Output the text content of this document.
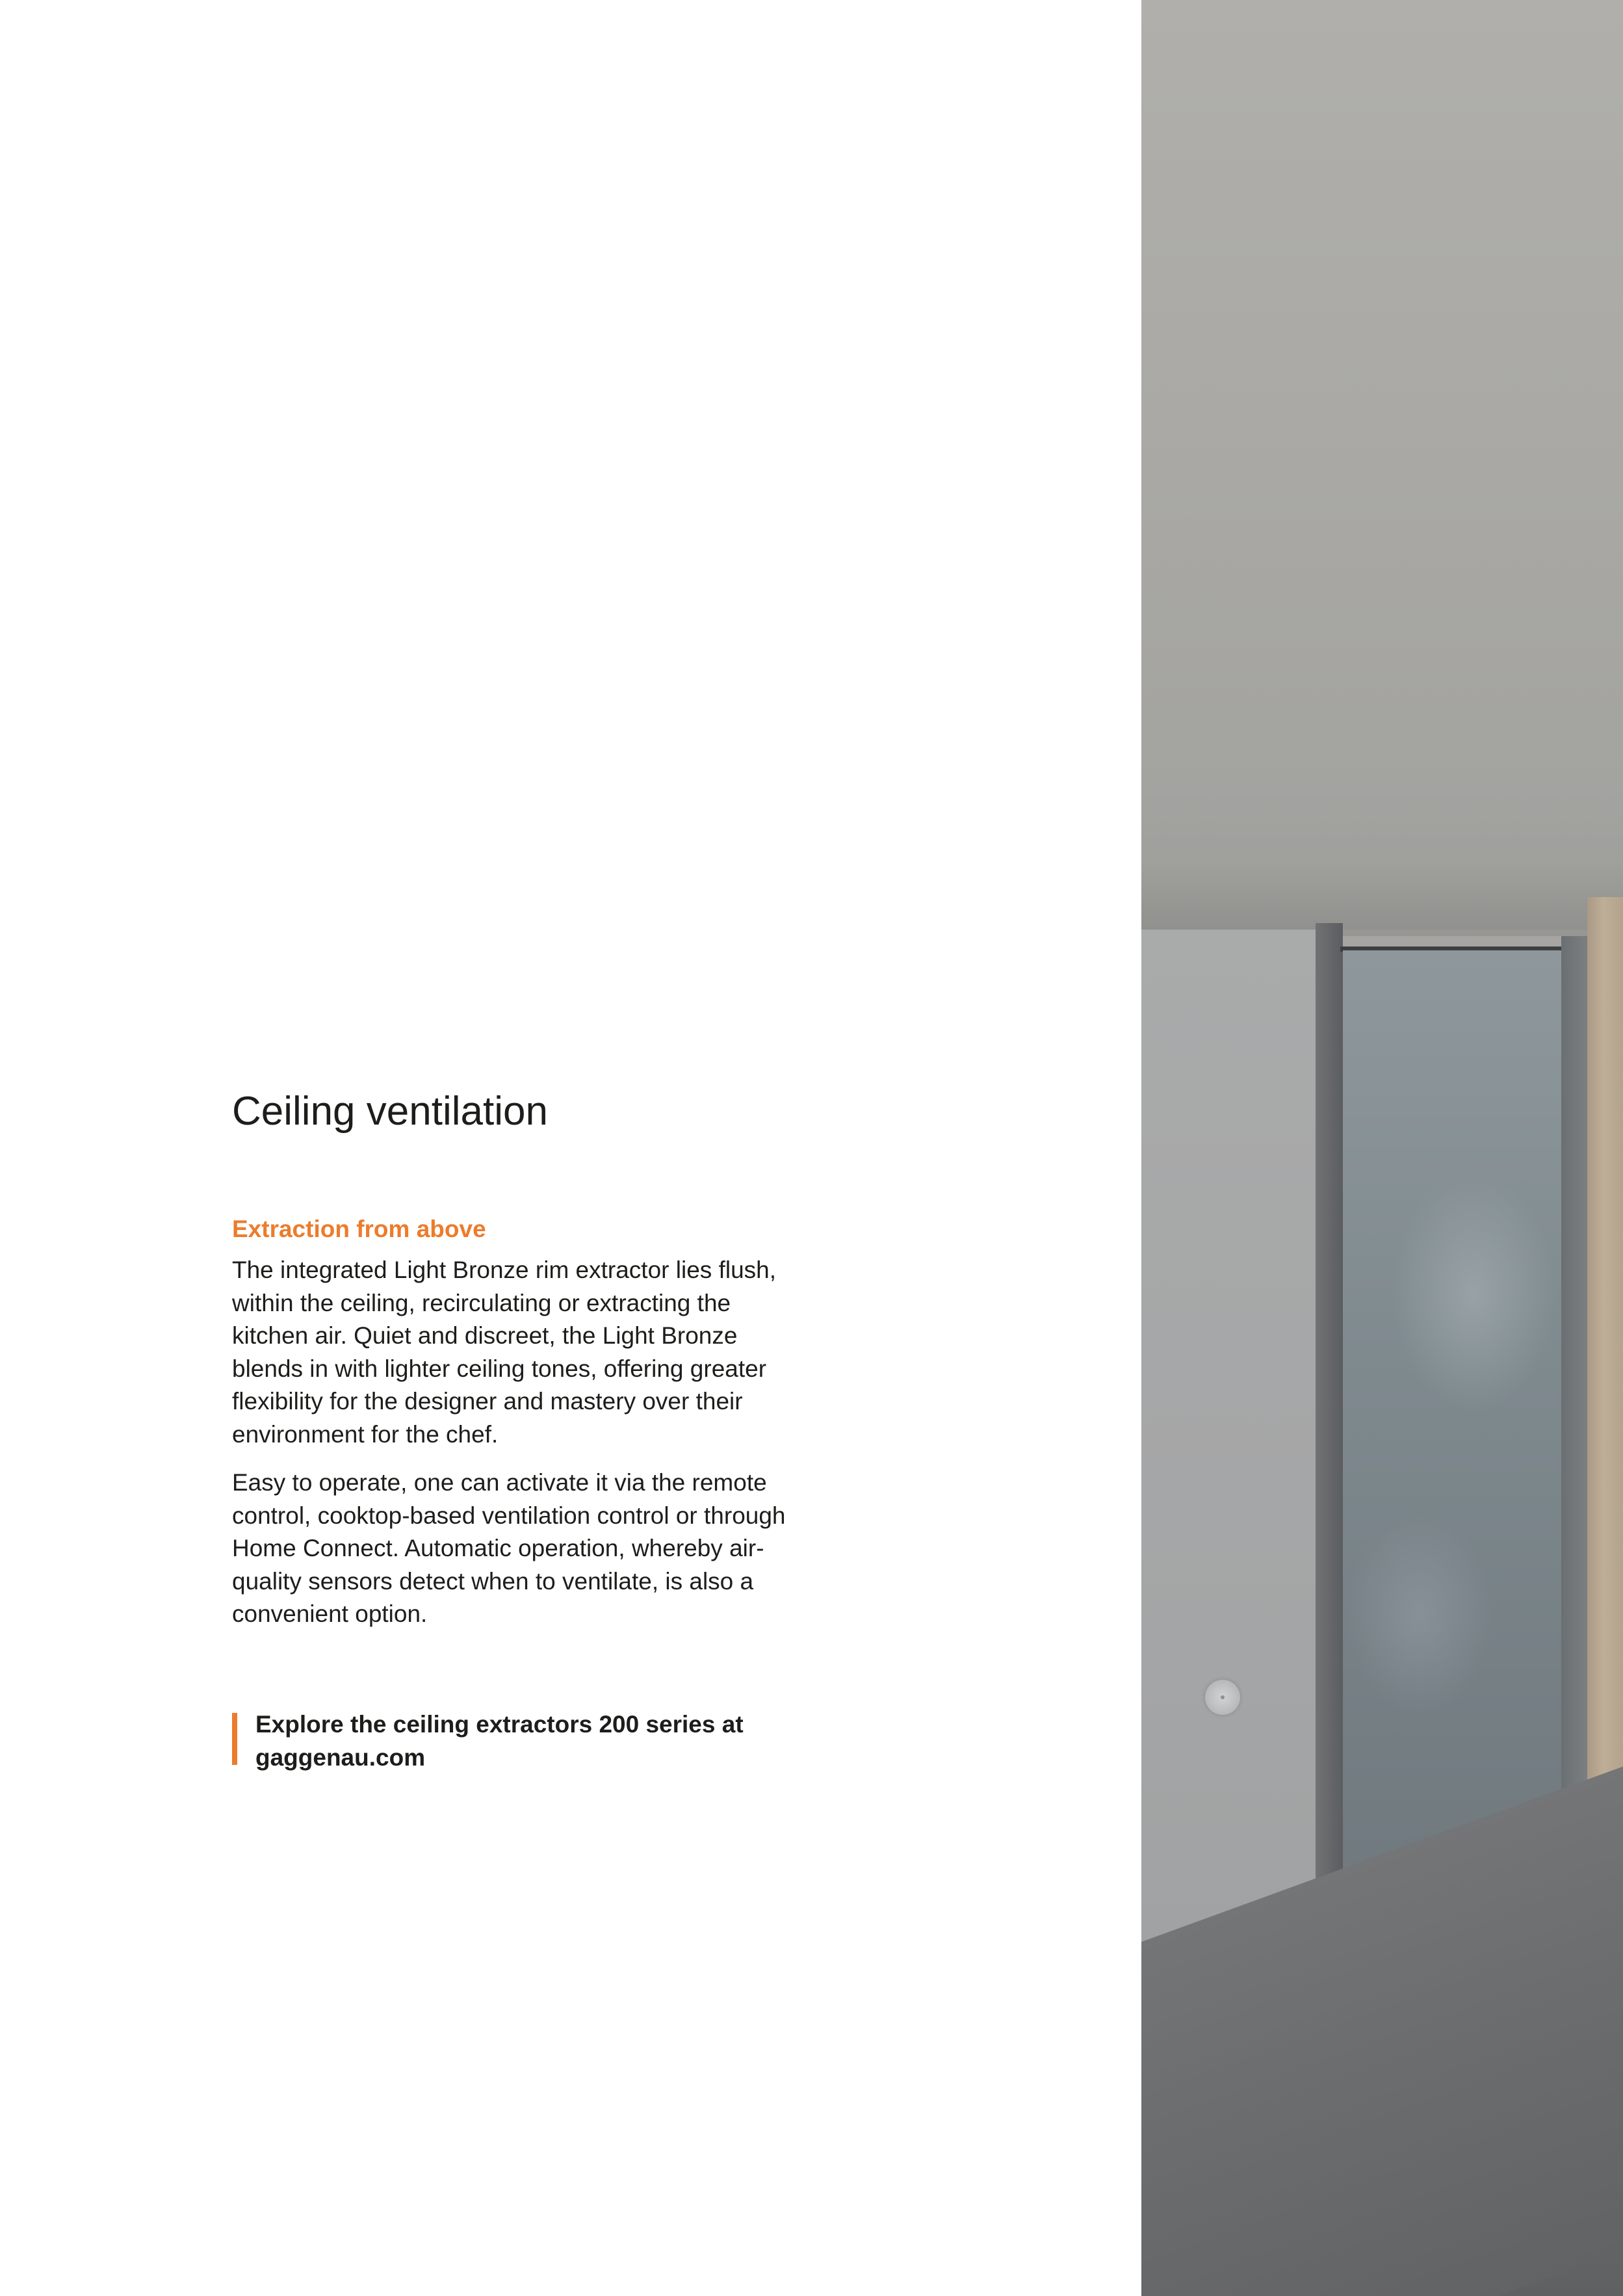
Ceiling ventilation
Extraction from above

The integrated Light Bronze rim extractor lies flush, within the ceiling, recirculating or extracting the kitchen air. Quiet and discreet, the Light Bronze blends in with lighter ceiling tones, offering greater flexibility for the designer and mastery over their environment for the chef.

Easy to operate, one can activate it via the remote control, cooktop-based ventilation control or through Home Connect. Automatic operation, whereby air-quality sensors detect when to ventilate, is also a convenient option.

Explore the ceiling extractors 200 series at gaggenau.com
